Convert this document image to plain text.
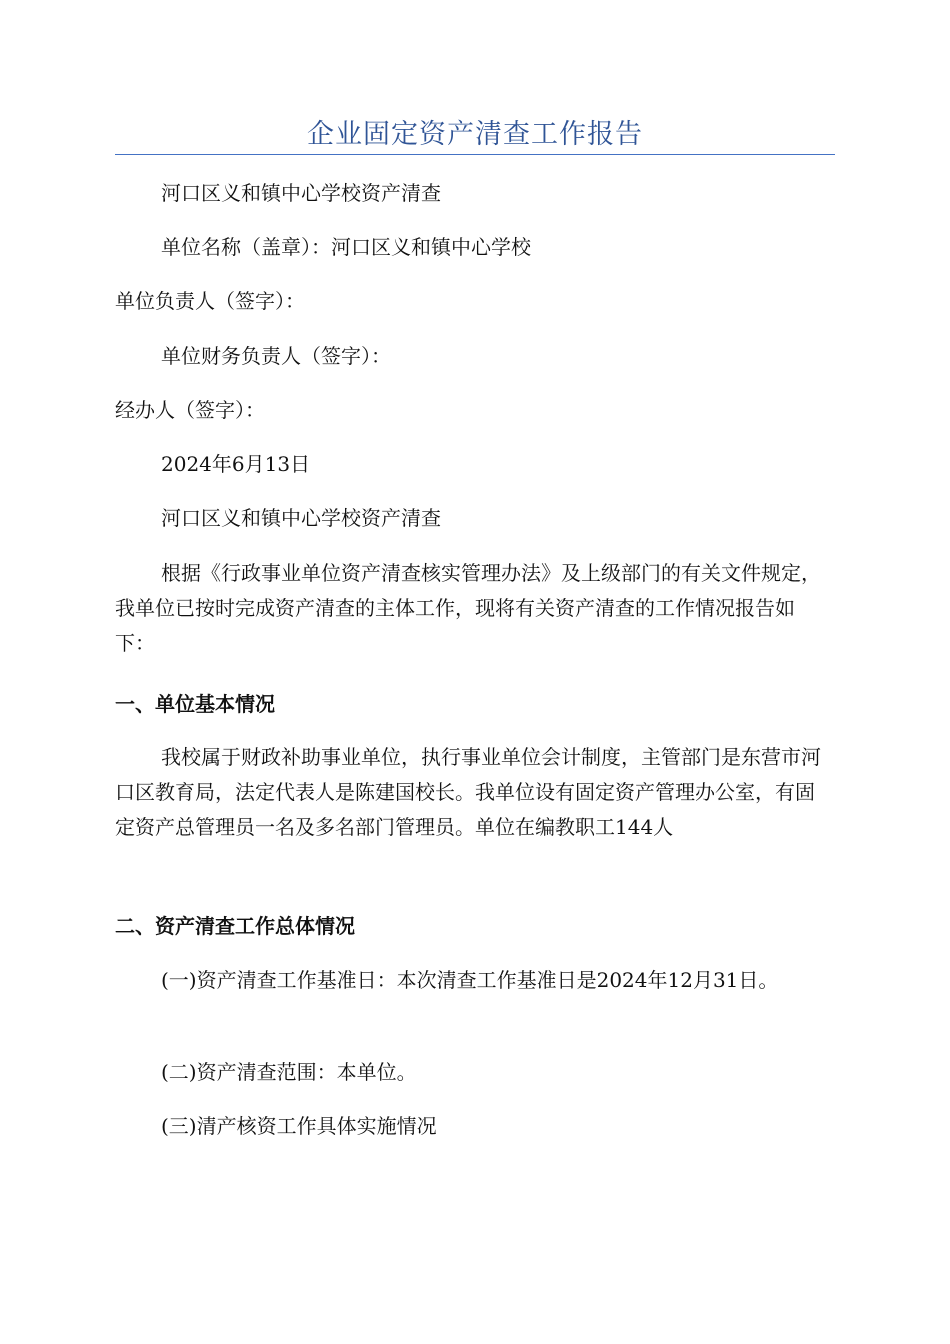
企业固定资产清查工作报告

河口区义和镇中心学校资产清查

单位名称（盖章）：河口区义和镇中心学校

单位负责人（签字）：

单位财务负责人（签字）：

经办人（签字）：

2024年6月13日

河口区义和镇中心学校资产清查

根据《行政事业单位资产清查核实管理办法》及上级部门的有关文件规定，我单位已按时完成资产清查的主体工作，现将有关资产清查的工作情况报告如下：

一、单位基本情况

我校属于财政补助事业单位，执行事业单位会计制度，主管部门是东营市河口区教育局，法定代表人是陈建国校长。我单位设有固定资产管理办公室，有固定资产总管理员一名及多名部门管理员。单位在编教职工144人

二、资产清查工作总体情况

(一)资产清查工作基准日：本次清查工作基准日是2024年12月31日。

(二)资产清查范围：本单位。

(三)清产核资工作具体实施情况
